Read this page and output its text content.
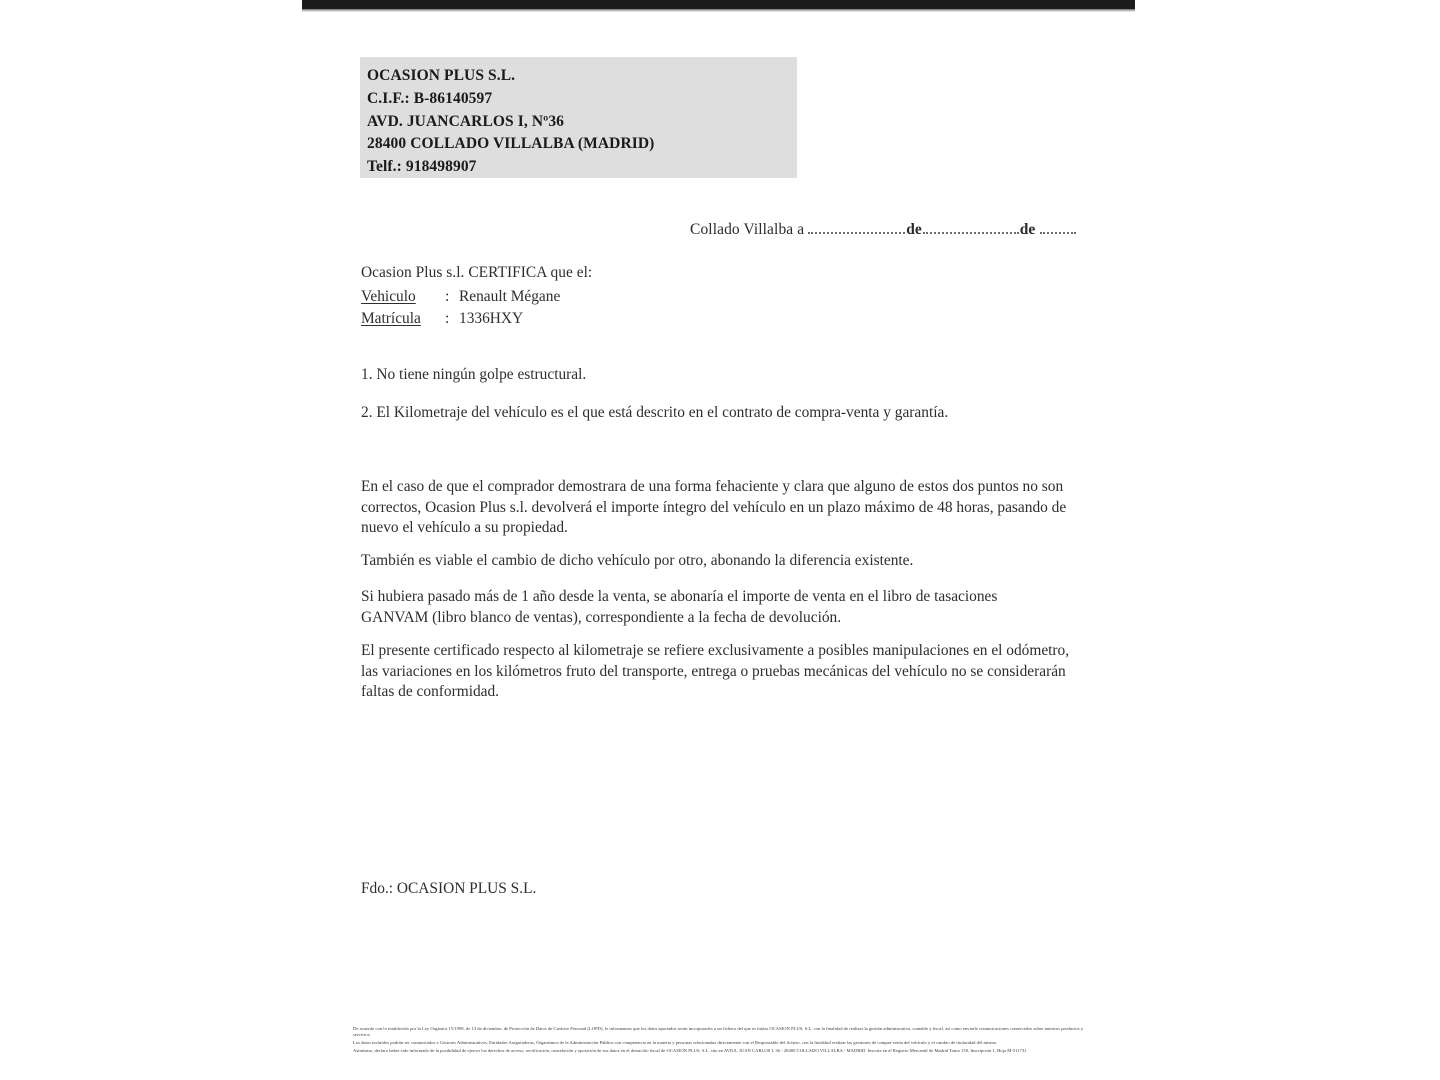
OCASION PLUS S.L.
C.I.F.: B-86140597
AVD. JUANCARLOS I, Nº36
28400 COLLADO VILLALBA (MADRID)
Telf.: 918498907
Collado Villalba a	de	de
Ocasion Plus s.l. CERTIFICA que el:
Vehiculo	: Renault Mégane
Matrícula	: 1336HXY
1. No tiene ningún golpe estructural.
2. El Kilometraje del vehículo es el que está descrito en el contrato de compra-venta y garantía.
En el caso de que el comprador demostrara de una forma fehaciente y clara que alguno de estos dos puntos no son correctos, Ocasion Plus s.l. devolverá el importe íntegro del vehículo en un plazo máximo de 48 horas, pasando de nuevo el vehículo a su propiedad.
También es viable el cambio de dicho vehículo por otro, abonando la diferencia existente.
Si hubiera pasado más de 1 año desde la venta, se abonaría el importe de venta en el libro de tasaciones GANVAM (libro blanco de ventas), correspondiente a la fecha de devolución.
El presente certificado respecto al kilometraje se refiere exclusivamente a posibles manipulaciones en el odómetro, las variaciones en los kilómetros fruto del transporte, entrega o pruebas mecánicas del vehículo no se considerarán faltas de conformidad.
Fdo.: OCASION PLUS S.L.

De acuerdo con lo establecido por la Ley Orgánica 15/1999, de 13 de diciembre, de Protección de Datos de Carácter Personal (LOPD), le informamos que los datos aportados serán incorporados a un fichero del que es titular OCASION PLUS, S.L. con la finalidad de realizar la gestión administrativa, contable y fiscal, así como enviarle comunicaciones comerciales sobre nuestros productos y servicios.

Los datos incluidos podrán ser comunicados a Gestores Administrativos, Entidades Aseguradoras, Organismos de la Administración Pública con competencia en la materia y personas relacionadas directamente con el Responsable del fichero, con la finalidad realizar las gestiones de compra-venta del vehículo y el cambio de titularidad del mismo.

Asimismo, declaro haber sido informado de la posibilidad de ejercer los derechos de acceso, rectificación, cancelación y oposición de sus datos en el domicilio fiscal de OCASION PLUS, S.L. sito en AVDA. JUAN CARLOS I, 36 - 28400 COLLADO VILLALBA - MADRID. Inscrita en el Registro Mercantil de Madrid Tomo 150, Inscripción 1, Hoja M-511731
